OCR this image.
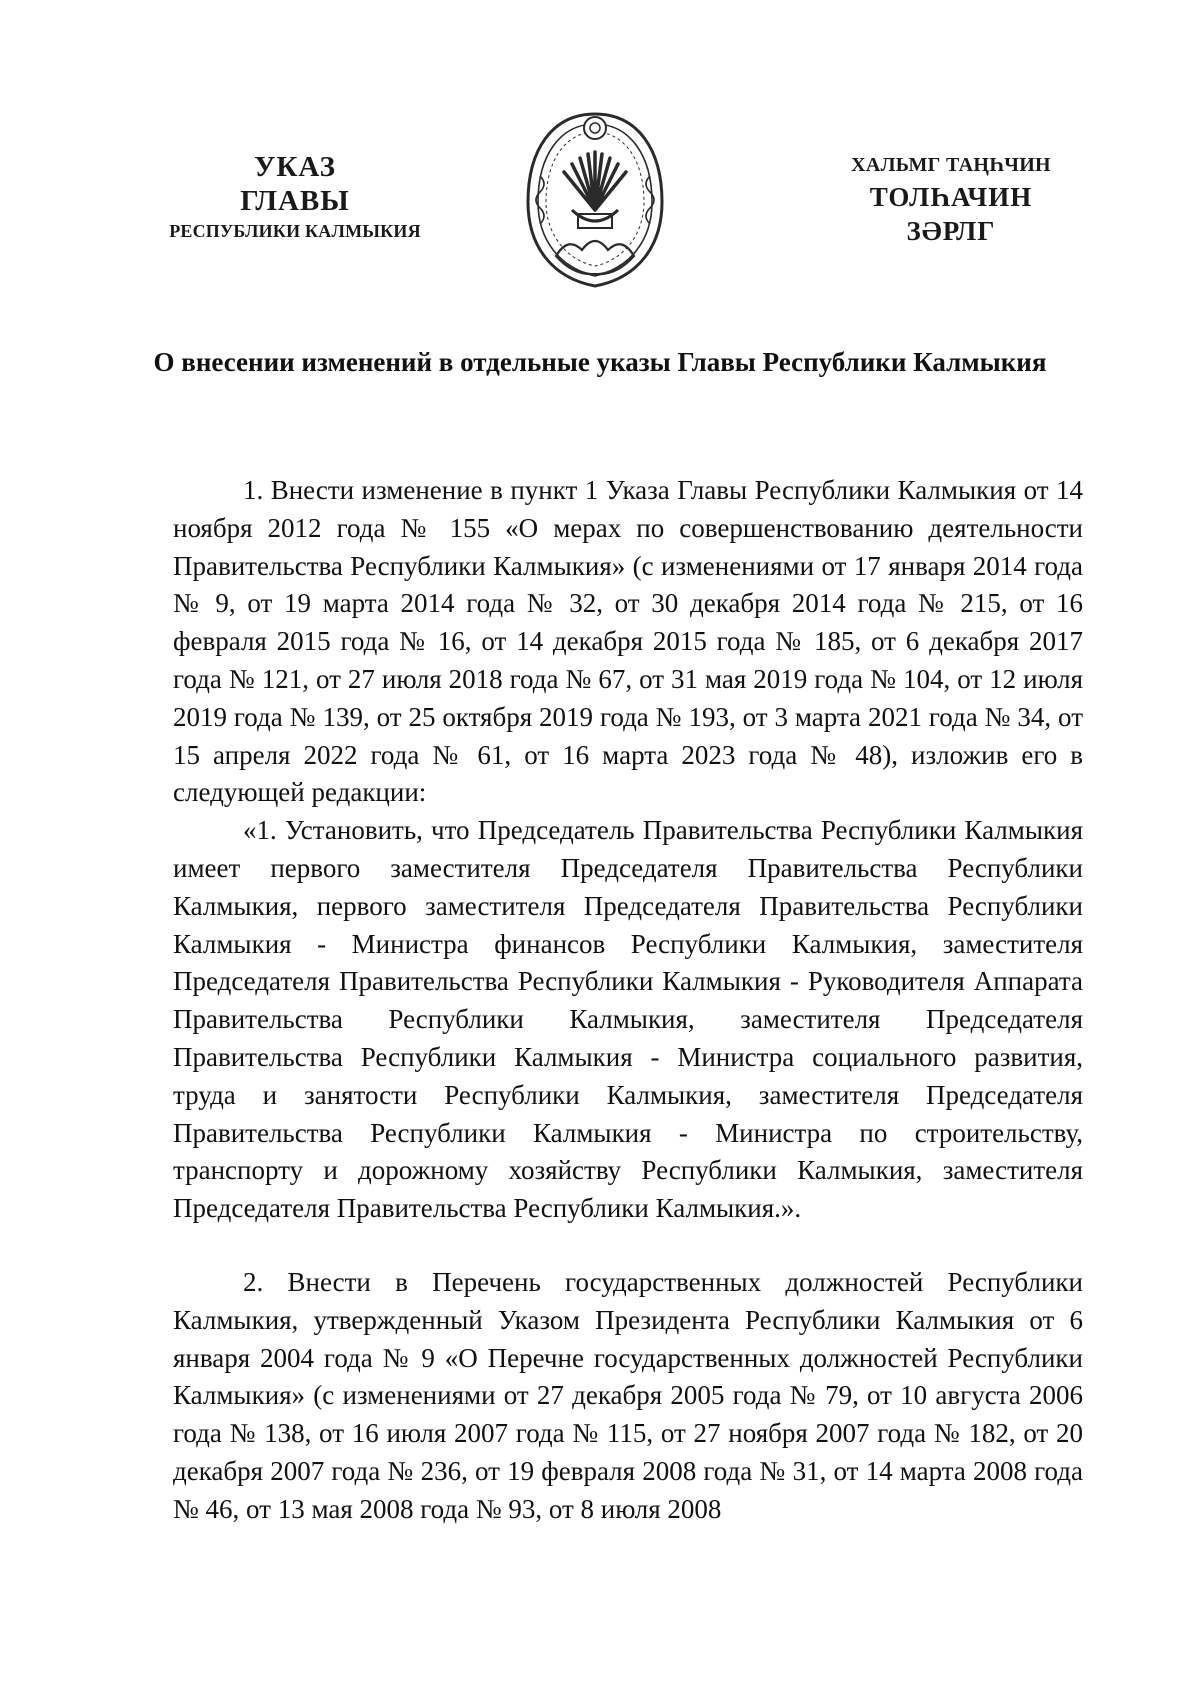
УКАЗ
ГЛАВЫ
РЕСПУБЛИКИ КАЛМЫКИЯ
ХАЛЬМГ ТАҢҺЧИН
ТОЛҺАЧИН
ЗӘРЛГ
О внесении изменений в отдельные указы Главы Республики Калмыкия

1. Внести изменение в пункт 1 Указа Главы Республики Калмыкия от 14 ноября 2012 года № 155 «О мерах по совершенствованию деятельности Правительства Республики Калмыкия» (с изменениями от 17 января 2014 года № 9, от 19 марта 2014 года № 32, от 30 декабря 2014 года № 215, от 16 февраля 2015 года № 16, от 14 декабря 2015 года № 185, от 6 декабря 2017 года № 121, от 27 июля 2018 года № 67, от 31 мая 2019 года № 104, от 12 июля 2019 года № 139, от 25 октября 2019 года № 193, от 3 марта 2021 года № 34, от 15 апреля 2022 года № 61, от 16 марта 2023 года № 48), изложив его в следующей редакции:

«1. Установить, что Председатель Правительства Республики Калмыкия имеет первого заместителя Председателя Правительства Республики Калмыкия, первого заместителя Председателя Правительства Республики Калмыкия - Министра финансов Республики Калмыкия, заместителя Председателя Правительства Республики Калмыкия - Руководителя Аппарата Правительства Республики Калмыкия, заместителя Председателя Правительства Республики Калмыкия - Министра социального развития, труда и занятости Республики Калмыкия, заместителя Председателя Правительства Республики Калмыкия - Министра по строительству, транспорту и дорожному хозяйству Республики Калмыкия, заместителя Председателя Правительства Республики Калмыкия.».

2. Внести в Перечень государственных должностей Республики Калмыкия, утвержденный Указом Президента Республики Калмыкия от 6 января 2004 года № 9 «О Перечне государственных должностей Республики Калмыкия» (с изменениями от 27 декабря 2005 года № 79, от 10 августа 2006 года № 138, от 16 июля 2007 года № 115, от 27 ноября 2007 года № 182, от 20 декабря 2007 года № 236, от 19 февраля 2008 года № 31, от 14 марта 2008 года № 46, от 13 мая 2008 года № 93, от 8 июля 2008
